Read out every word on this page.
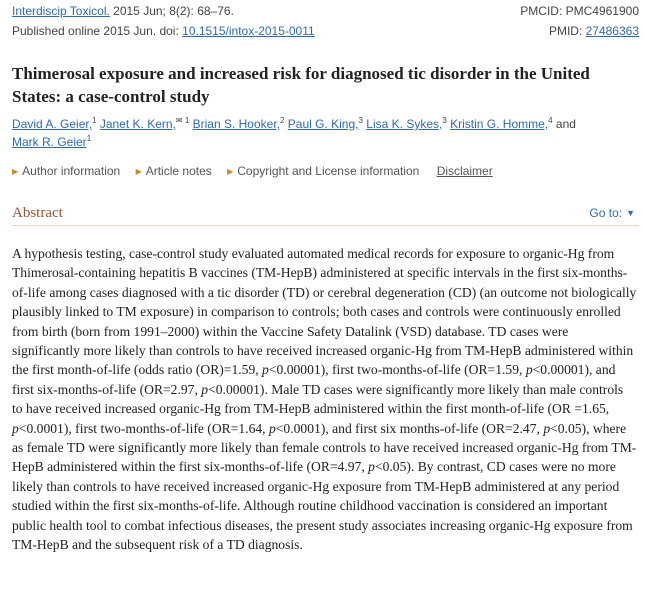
Interdiscip Toxicol. 2015 Jun; 8(2): 68–76.	PMCID: PMC4961900
Published online 2015 Jun. doi: 10.1515/intox-2015-0011	PMID: 27486363
Thimerosal exposure and increased risk for diagnosed tic disorder in the United States: a case-control study
David A. Geier,$^1$ Janet K. Kern,$^{✉ 1}$ Brian S. Hooker,$^2$ Paul G. King,$^3$ Lisa K. Sykes,$^3$ Kristin G. Homme,$^4$ and
Mark R. Geier$^1$
▶ Author information ▶ Article notes ▶ Copyright and License information Disclaimer
Abstract	Go to: ▼

A hypothesis testing, case-control study evaluated automated medical records for exposure to organic-Hg from Thimerosal-containing hepatitis B vaccines (TM-HepB) administered at specific intervals in the first six-months-of-life among cases diagnosed with a tic disorder (TD) or cerebral degeneration (CD) (an outcome not biologically plausibly linked to TM exposure) in comparison to controls; both cases and controls were continuously enrolled from birth (born from 1991–2000) within the Vaccine Safety Datalink (VSD) database. TD cases were significantly more likely than controls to have received increased organic-Hg from TM-HepB administered within the first month-of-life (odds ratio (OR)=1.59, p<0.00001), first two-months-of-life (OR=1.59, p<0.00001), and first six-months-of-life (OR=2.97, p<0.00001). Male TD cases were significantly more likely than male controls to have received increased organic-Hg from TM-HepB administered within the first month-of-life (OR =1.65, p<0.0001), first two-months-of-life (OR=1.64, p<0.0001), and first six months-of-life (OR=2.47, p<0.05), where as female TD were significantly more likely than female controls to have received increased organic-Hg from TM-HepB administered within the first six-months-of-life (OR=4.97, p<0.05). By contrast, CD cases were no more likely than controls to have received increased organic-Hg exposure from TM-HepB administered at any period studied within the first six-months-of-life. Although routine childhood vaccination is considered an important public health tool to combat infectious diseases, the present study associates increasing organic-Hg exposure from TM-HepB and the subsequent risk of a TD diagnosis.
